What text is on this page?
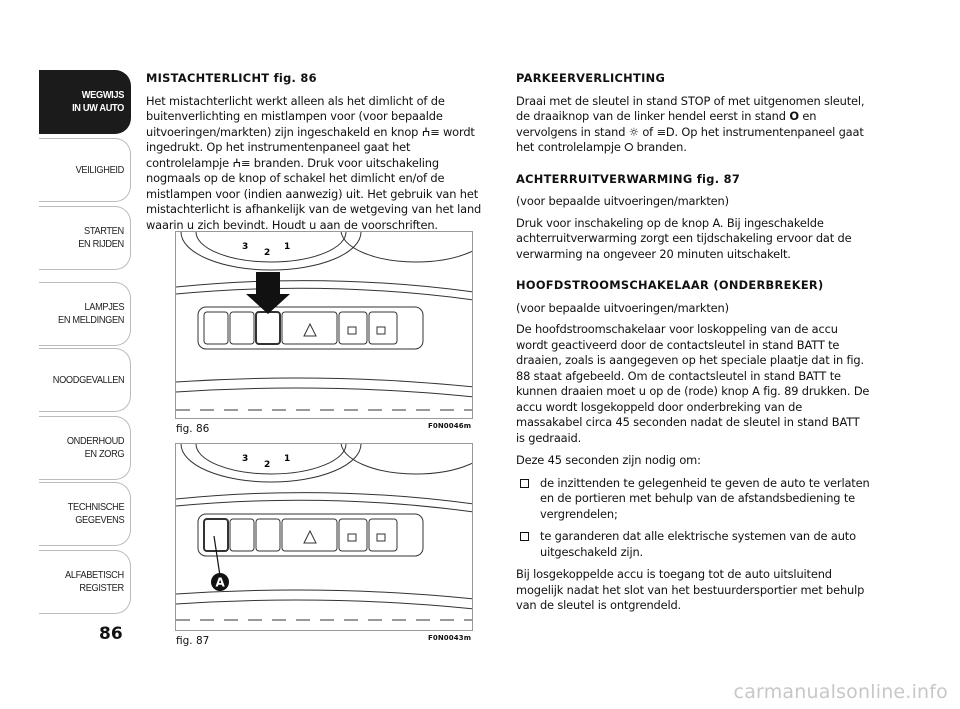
WEGWIJS
IN UW AUTO
VEILIGHEID
STARTEN
EN RIJDEN
LAMPJES
EN MELDINGEN
NOODGEVALLEN
ONDERHOUD
EN ZORG
TECHNISCHE
GEGEVENS
ALFABETISCH
REGISTER
86

MISTACHTERLICHT fig. 86

Het mistachterlicht werkt alleen als het dimlicht of de buitenverlichting en mistlampen voor (voor bepaalde uitvoeringen/markten) zijn ingeschakeld en knop ⵄ≡ wordt ingedrukt. Op het instrumentenpaneel gaat het controlelampje ⵄ≡ branden. Druk voor uitschakeling nogmaals op de knop of schakel het dimlicht en/of de mistlampen voor (indien aanwezig) uit. Het gebruik van het mistachterlicht is afhankelijk van de wetgeving van het land waarin u zich bevindt. Houdt u aan de voorschriften.

3
2
1
fig. 86	F0N0046m
3
2
1
A
fig. 87	F0N0043m

PARKEERVERLICHTING

Draai met de sleutel in stand STOP of met uitgenomen sleutel, de draaiknop van de linker hendel eerst in stand O en vervolgens in stand ☼ of ≡D. Op het instrumentenpaneel gaat het controlelampje ⭘ branden.

ACHTERRUITVERWARMING fig. 87

(voor bepaalde uitvoeringen/markten)

Druk voor inschakeling op de knop A. Bij ingeschakelde achterruitverwarming zorgt een tijdschakeling ervoor dat de verwarming na ongeveer 20 minuten uitschakelt.

HOOFDSTROOMSCHAKELAAR (ONDERBREKER)

(voor bepaalde uitvoeringen/markten)

De hoofdstroomschakelaar voor loskoppeling van de accu wordt geactiveerd door de contactsleutel in stand BATT te draaien, zoals is aangegeven op het speciale plaatje dat in fig. 88 staat afgebeeld. Om de contactsleutel in stand BATT te kunnen draaien moet u op de (rode) knop A fig. 89 drukken. De accu wordt losgekoppeld door onderbreking van de massakabel circa 45 seconden nadat de sleutel in stand BATT is gedraaid.

Deze 45 seconden zijn nodig om:

de inzittenden te gelegenheid te geven de auto te verlaten en de portieren met behulp van de afstandsbediening te vergrendelen;
te garanderen dat alle elektrische systemen van de auto uitgeschakeld zijn.

Bij losgekoppelde accu is toegang tot de auto uitsluitend mogelijk nadat het slot van het bestuurdersportier met behulp van de sleutel is ontgrendeld.

carmanualsonline.info
